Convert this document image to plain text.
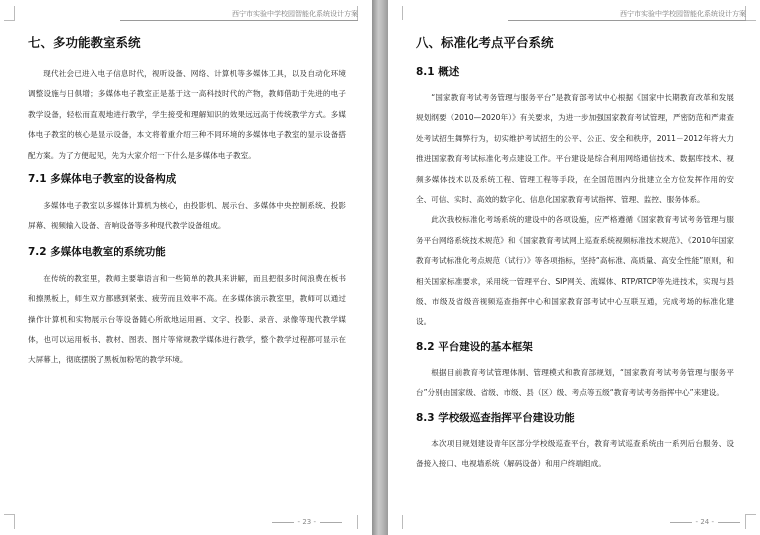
西宁市实验中学校园智能化系统设计方案
七、多功能教室系统

现代社会已进入电子信息时代，视听设备、网络、计算机等多媒体工具，以及自动化环境调整设施与日俱增；多媒体电子教室正是基于这一高科技时代的产物，教师借助于先进的电子教学设备，轻松而直观地进行教学，学生接受和理解知识的效果远远高于传统教学方式。多媒体电子教室的核心是显示设备，本文将着重介绍三种不同环境的多媒体电子教室的显示设备搭配方案。为了方便起见，先为大家介绍一下什么是多媒体电子教室。

7.1 多媒体电子教室的设备构成

多媒体电子教室以多媒体计算机为核心，由投影机、展示台、多媒体中央控制系统、投影屏幕、视频输入设备、音响设备等多种现代教学设备组成。

7.2 多媒体电教室的系统功能

在传统的教室里，教师主要靠语言和一些简单的教具来讲解，而且把很多时间浪费在板书和擦黑板上，师生双方都感到紧张、疲劳而且效率不高。在多媒体演示教室里，教师可以通过操作计算机和实物展示台等设备随心所欲地运用画、文字、投影、录音、录像等现代教学媒体，也可以运用板书、教材、图表、图片等常规教学媒体进行教学，整个教学过程都可显示在大屏幕上，彻底摆脱了黑板加粉笔的教学环境。

- 23 -
西宁市实验中学校园智能化系统设计方案
八、标准化考点平台系统
8.1 概述

“国家教育考试考务管理与服务平台”是教育部考试中心根据《国家中长期教育改革和发展规划纲要（2010—2020年）》有关要求，为进一步加强国家教育考试管理，严密防范和严肃查处考试招生舞弊行为，切实维护考试招生的公平、公正、安全和秩序，2011－2012年将大力推进国家教育考试标准化考点建设工作。平台建设是综合利用网络通信技术、数据库技术、视频多媒体技术以及系统工程、管理工程等手段，在全国范围内分批建立全方位发挥作用的安全、可信、实时、高效的数字化、信息化国家教育考试指挥、管理、监控、服务体系。

此次我校标准化考场系统的建设中的各项设施，应严格遵循《国家教育考试考务管理与服务平台网络系统技术规范》和《国家教育考试网上巡查系统视频标准技术规范》、《2010年国家教育考试标准化考点规范（试行）》等各项指标，坚持“高标准、高质量、高安全性能”原则，和相关国家标准要求，采用统一管理平台、SIP网关、流媒体、RTP/RTCP等先进技术，实现与县级、市级及省级音视频巡查指挥中心和国家教育部考试中心互联互通，完成考场的标准化建设。

8.2 平台建设的基本框架

根据目前教育考试管理体制、管理模式和教育部规划，“国家教育考试考务管理与服务平台”分别由国家级、省级、市级、县（区）级、考点等五级“教育考试考务指挥中心”来建设。

8.3 学校级巡查指挥平台建设功能

本次项目规划建设青年区部分学校级巡查平台，教育考试巡查系统由一系列后台服务、设备接入接口、电视墙系统（解码设备）和用户终端组成。

- 24 -
